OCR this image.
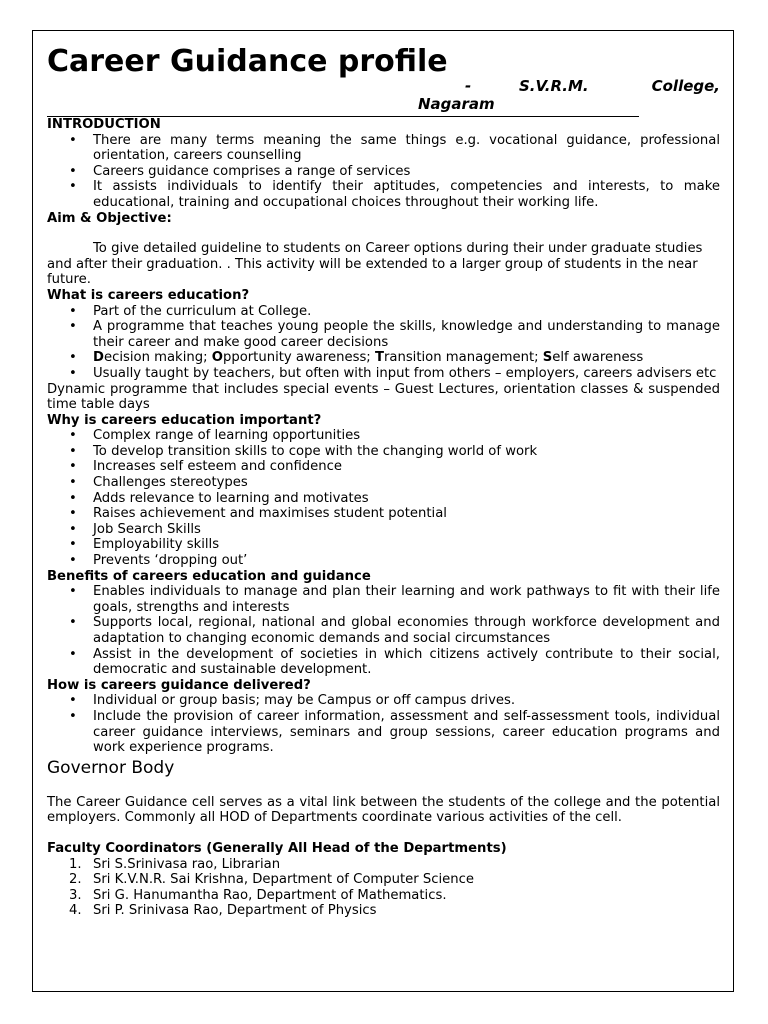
Career Guidance profile
-	S.V.R.M.	College,
Nagaram
INTRODUCTION
• There are many terms meaning the same things e.g. vocational guidance, professional orientation, careers counselling
• Careers guidance comprises a range of services
• It assists individuals to identify their aptitudes, competencies and interests, to make educational, training and occupational choices throughout their working life.
Aim & Objective:

To give detailed guideline to students on Career options during their under graduate studies and after their graduation. . This activity will be extended to a larger group of students in the near future.

What is careers education?
• Part of the curriculum at College.
• A programme that teaches young people the skills, knowledge and understanding to manage their career and make good career decisions
• Decision making; Opportunity awareness; Transition management; Self awareness
• Usually taught by teachers, but often with input from others – employers, careers advisers etc

Dynamic programme that includes special events – Guest Lectures, orientation classes & suspended time table days

Why is careers education important?
• Complex range of learning opportunities
• To develop transition skills to cope with the changing world of work
• Increases self esteem and confidence
• Challenges stereotypes
• Adds relevance to learning and motivates
• Raises achievement and maximises student potential
• Job Search Skills
• Employability skills
• Prevents ‘dropping out’
Benefits of careers education and guidance
• Enables individuals to manage and plan their learning and work pathways to fit with their life goals, strengths and interests
• Supports local, regional, national and global economies through workforce development and adaptation to changing economic demands and social circumstances
• Assist in the development of societies in which citizens actively contribute to their social, democratic and sustainable development.
How is careers guidance delivered?
• Individual or group basis; may be Campus or off campus drives.
• Include the provision of career information, assessment and self-assessment tools, individual career guidance interviews, seminars and group sessions, career education programs and work experience programs.
Governor Body

The Career Guidance cell serves as a vital link between the students of the college and the potential employers. Commonly all HOD of Departments coordinate various activities of the cell.

Faculty Coordinators (Generally All Head of the Departments)
1. Sri S.Srinivasa rao, Librarian
2. Sri K.V.N.R. Sai Krishna, Department of Computer Science
3. Sri G. Hanumantha Rao, Department of Mathematics.
4. Sri P. Srinivasa Rao, Department of Physics
